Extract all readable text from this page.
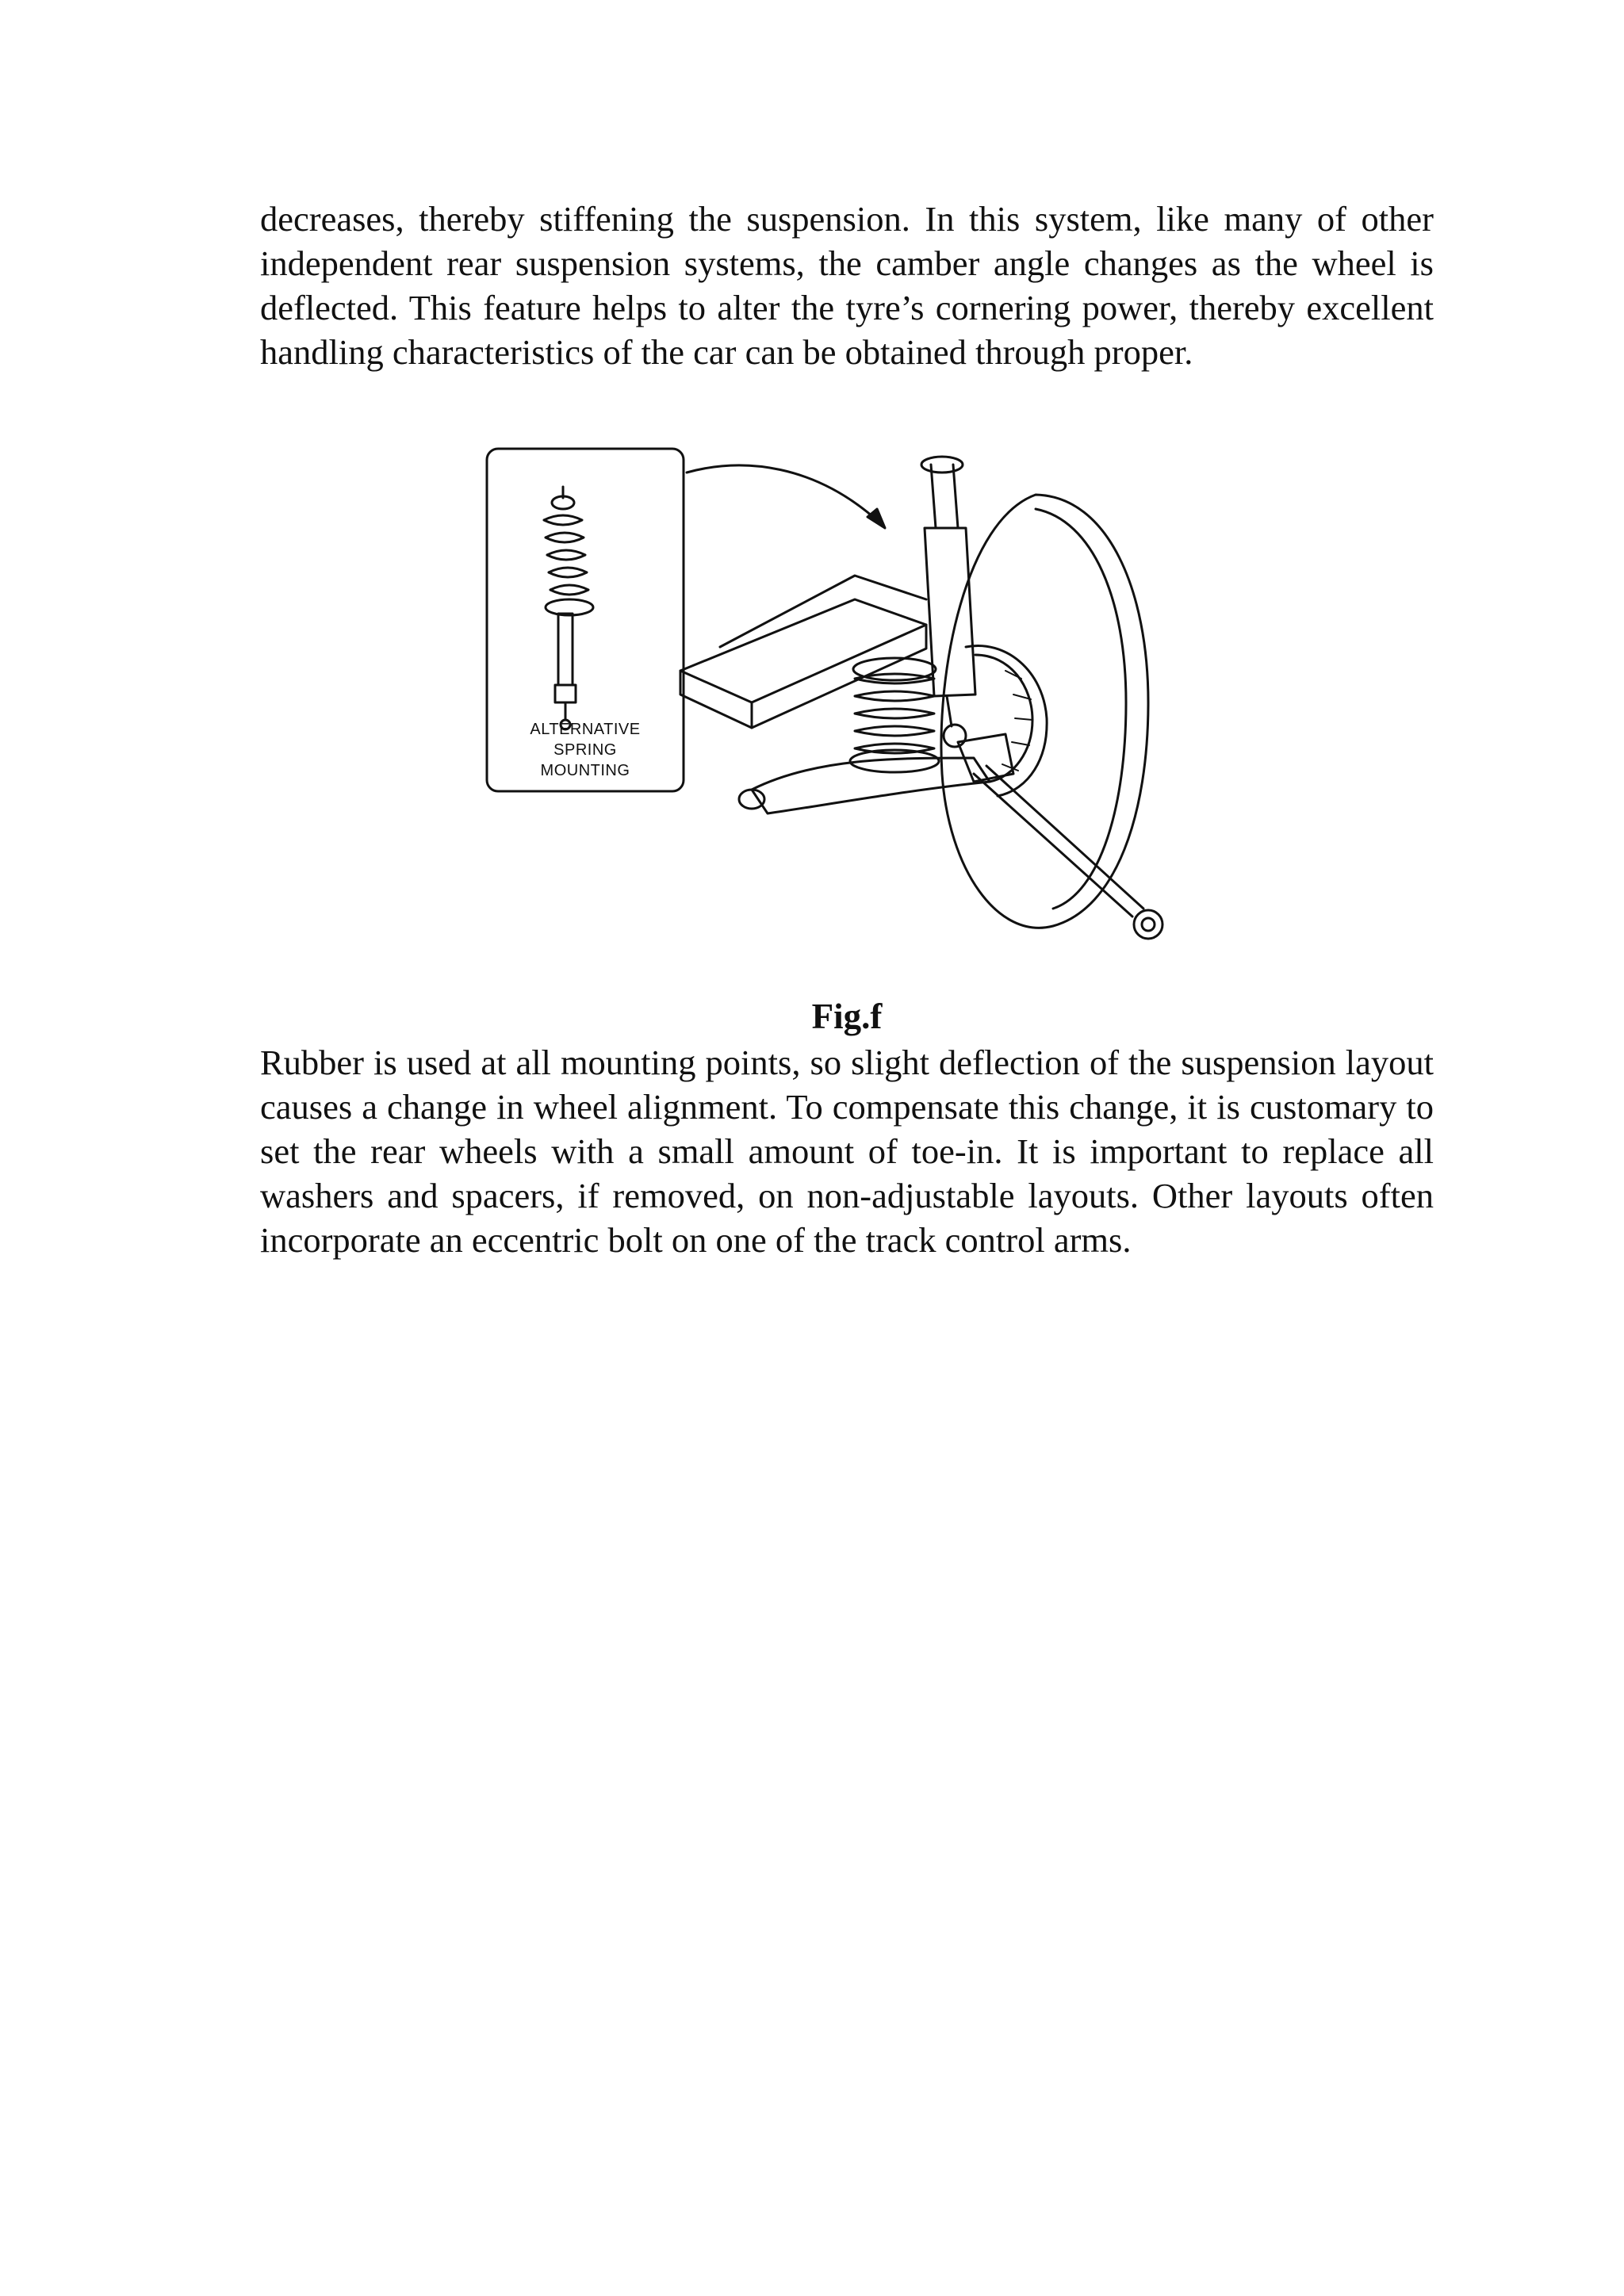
decreases, thereby stiffening the suspension. In this system, like many of other independent rear suspension systems, the camber angle changes as the wheel is deflected. This feature helps to alter the tyre’s cornering power, thereby excellent handling characteristics of the car can be obtained through proper.

ALTERNATIVE
SPRING
MOUNTING

Fig.f

Rubber is used at all mounting points, so slight deflection of the suspension layout causes a change in wheel alignment. To compensate this change, it is customary to set the rear wheels with a small amount of toe-in. It is important to replace all washers and spacers, if removed, on non-adjustable layouts. Other layouts often incorporate an eccentric bolt on one of the track control arms.
